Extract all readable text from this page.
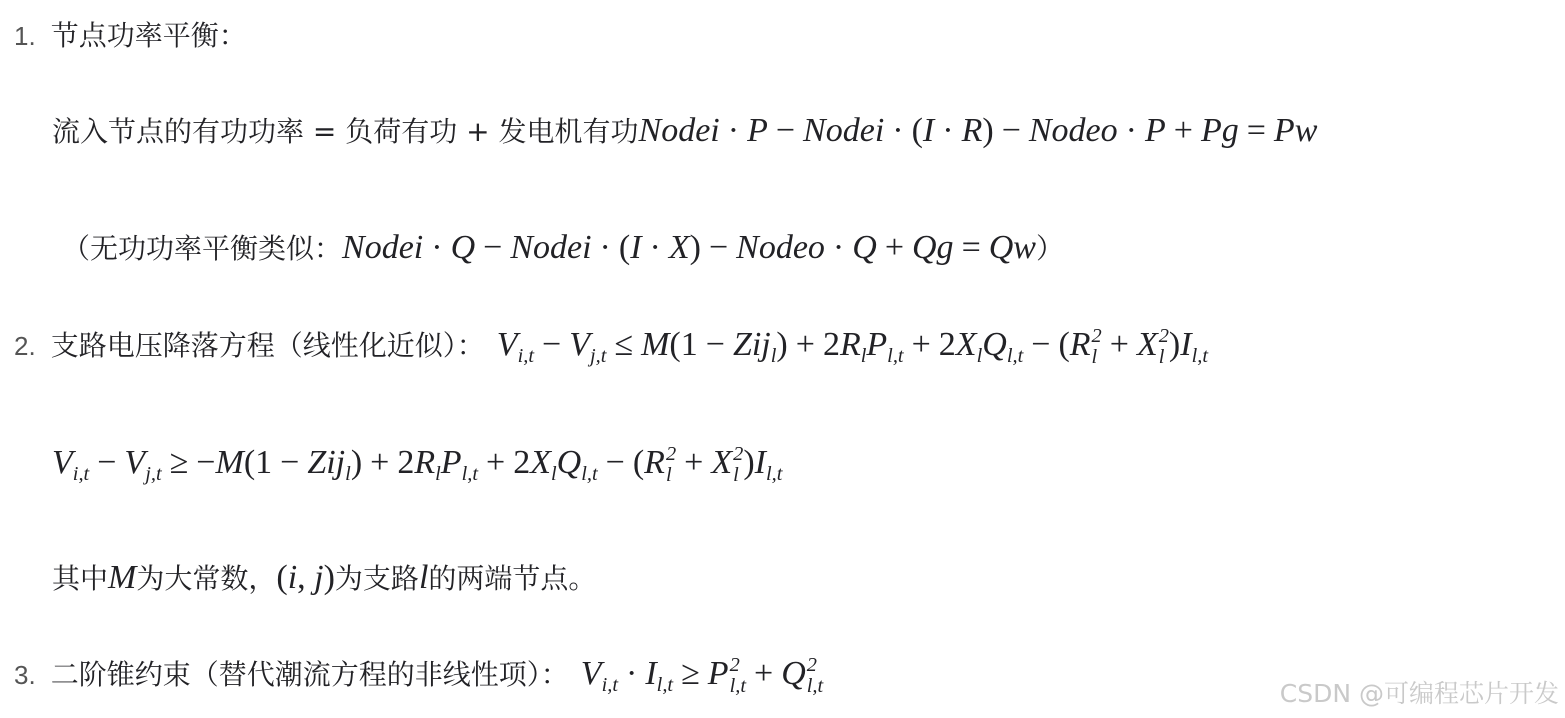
1. 节点功率平衡：
流入节点的有功功率 = 负荷有功 + 发电机有功Nodei · P − Nodei · (I · R) − Nodeo · P + Pg = Pw
（无功功率平衡类似：Nodei · Q − Nodei · (I · X) − Nodeo · Q + Qg = Qw）
2. 支路电压降落方程（线性化近似）： $V_{i,t} - V_{j,t} \le M(1 - Zij_l) + 2R_lP_{l,t} + 2X_lQ_{l,t} - (R$ 2
l + X 2
l )$I_{l,t}$
$V_{i,t} - V_{j,t} \ge -M(1 - Zij_l) + 2R_lP_{l,t} + 2X_lQ_{l,t} - (R$ 2
l + X 2
l )$I_{l,t}$
其中M为大常数，(i, j)为支路l的两端节点。
3. 二阶锥约束（替代潮流方程的非线性项）： $V_{i,t} \cdot I_{l,t} \ge P$ 2
l,t + Q 2
l,t	CSDN @可编程芯片开发
